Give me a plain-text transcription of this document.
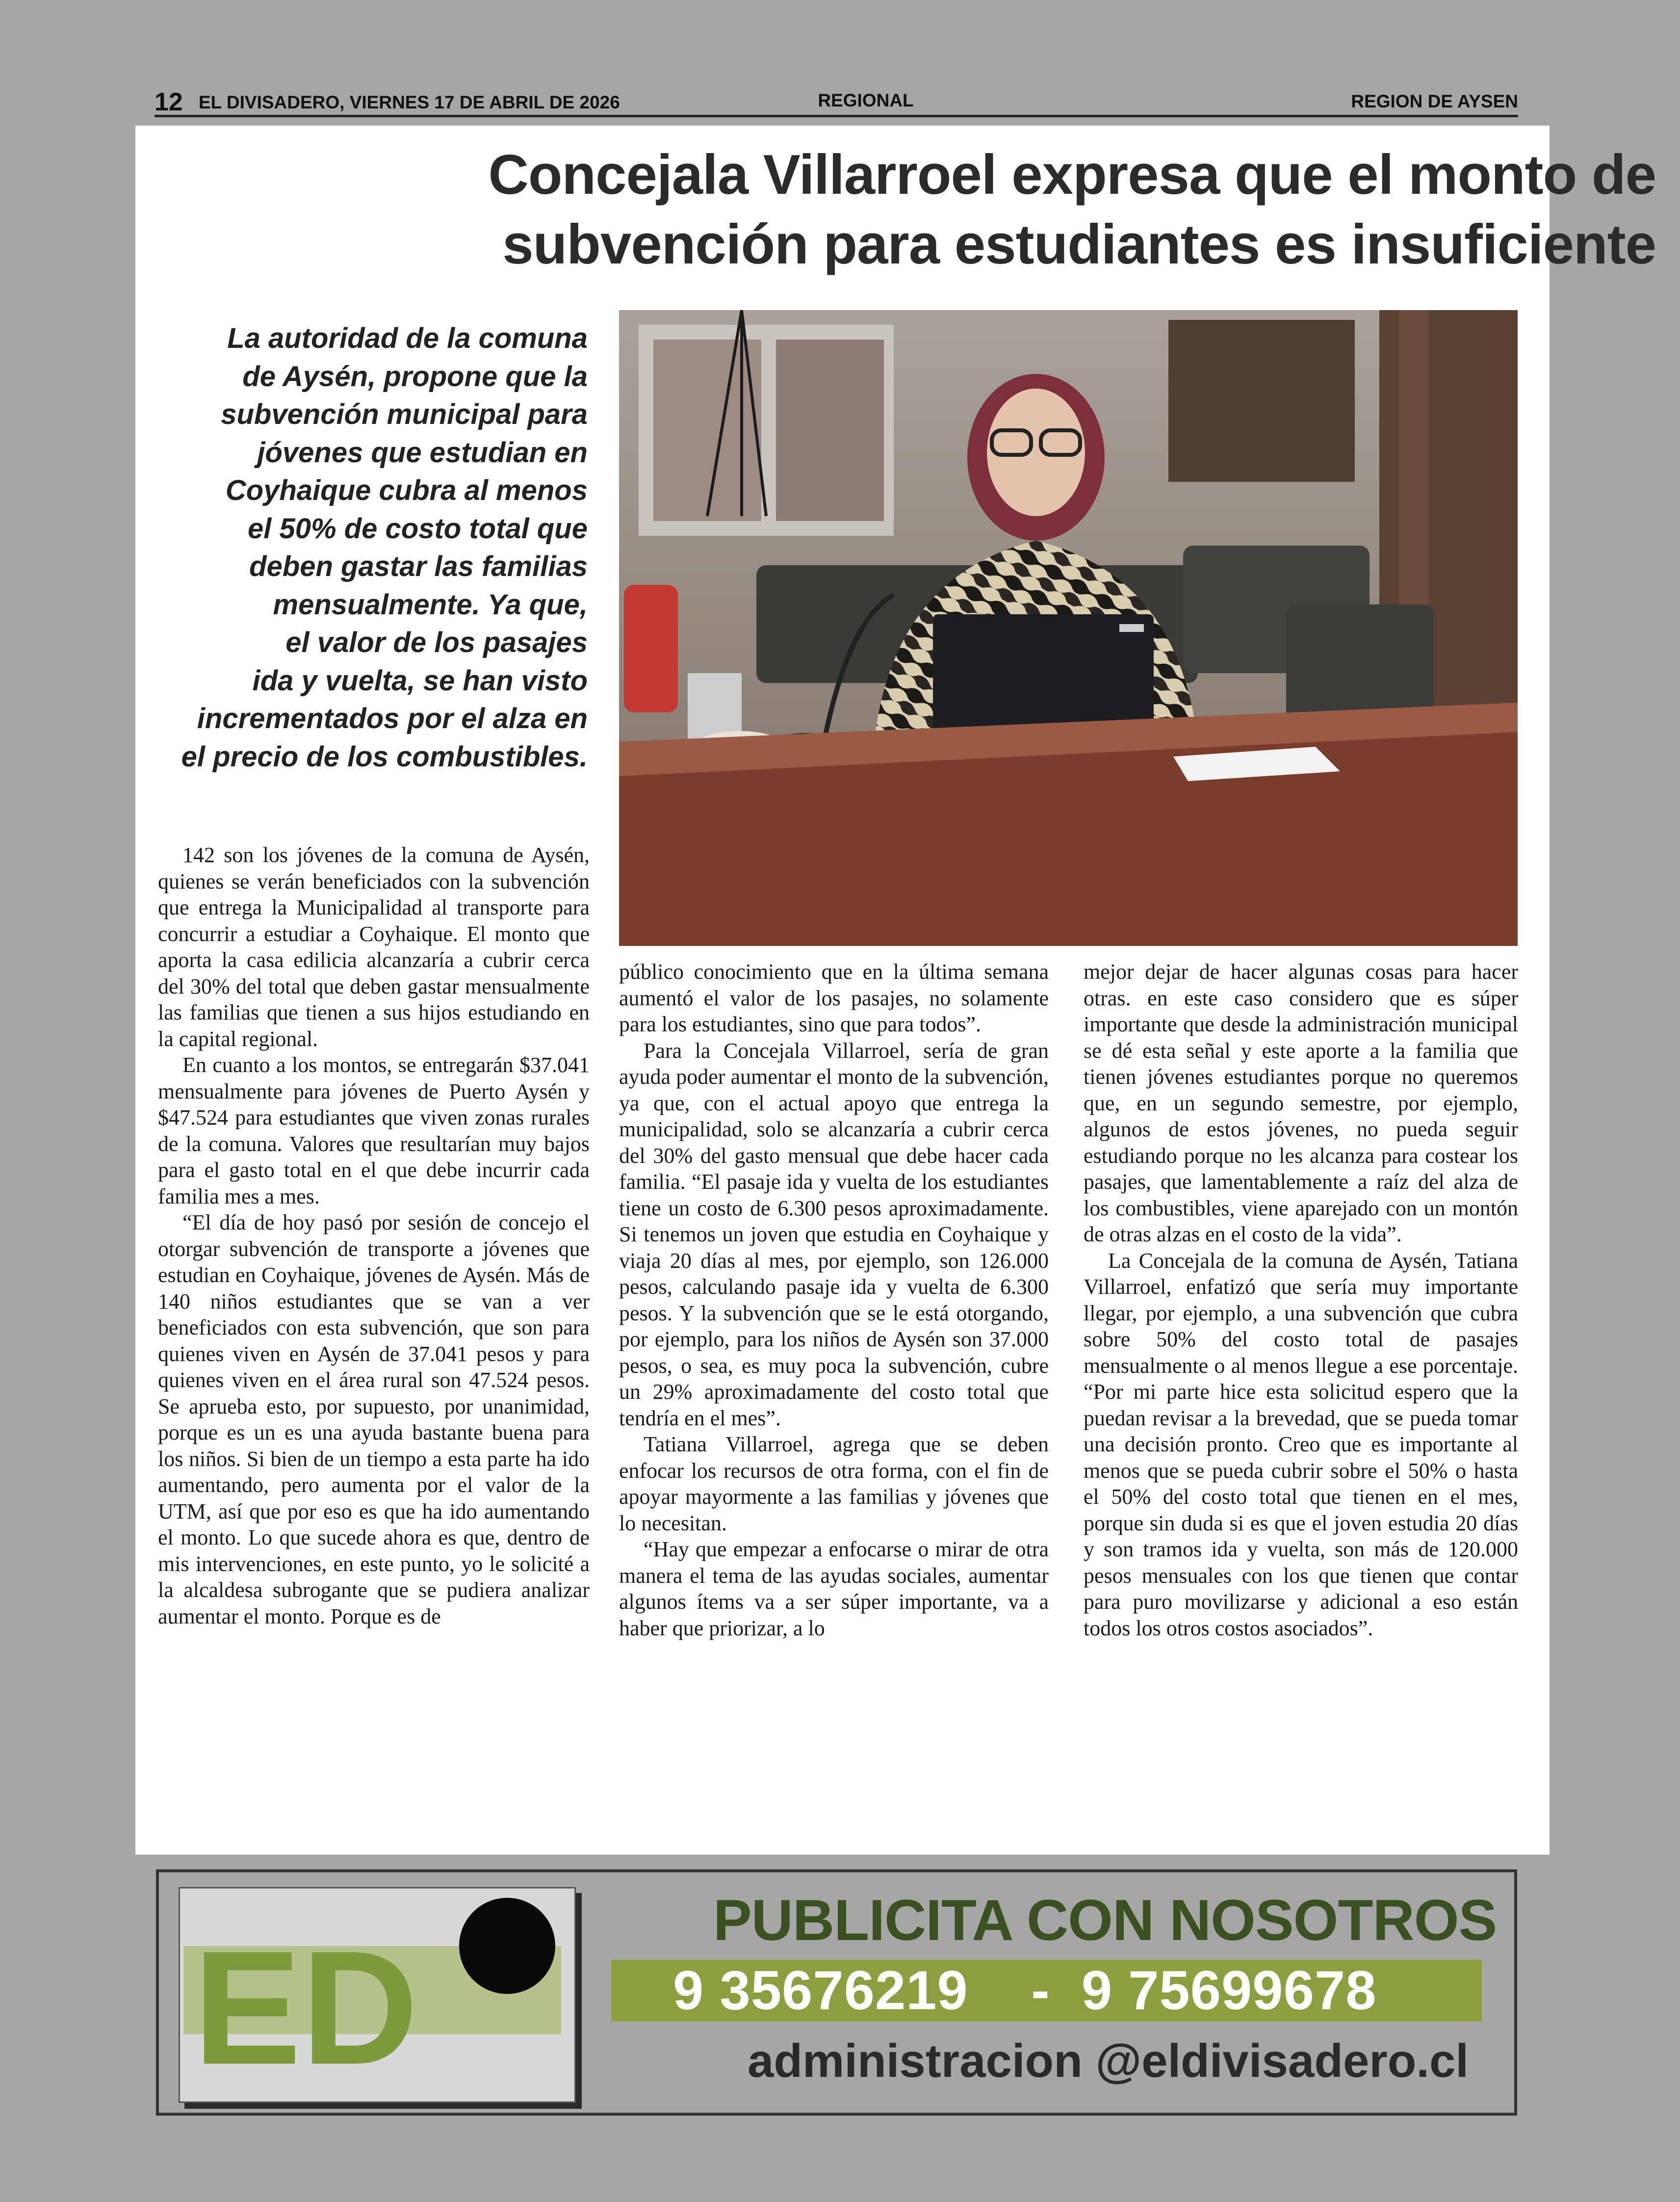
12 EL DIVISADERO, VIERNES 17 DE ABRIL DE 2026	REGIONAL	REGION DE AYSEN
Concejala Villarroel expresa que el monto de
subvención para estudiantes es insuficiente
La autoridad de la comuna
de Aysén, propone que la
subvención municipal para
jóvenes que estudian en
Coyhaique cubra al menos
el 50% de costo total que
deben gastar las familias
mensualmente. Ya que,
el valor de los pasajes
ida y vuelta, se han visto
incrementados por el alza en
el precio de los combustibles.

142 son los jóvenes de la comuna de Aysén, quienes se verán beneficiados con la subvención que entrega la Municipalidad al transporte para concurrir a estudiar a Coyhaique. El monto que aporta la casa edilicia alcanzaría a cubrir cerca del 30% del total que deben gastar mensualmente las familias que tienen a sus hijos estudiando en la capital regional.

En cuanto a los montos, se entregarán $37.041 mensualmente para jóvenes de Puerto Aysén y $47.524 para estudiantes que viven zonas rurales de la comuna. Valores que resultarían muy bajos para el gasto total en el que debe incurrir cada familia mes a mes.

“El día de hoy pasó por sesión de concejo el otorgar subvención de transporte a jóvenes que estudian en Coyhaique, jóvenes de Aysén. Más de 140 niños estudiantes que se van a ver beneficiados con esta subvención, que son para quienes viven en Aysén de 37.041 pesos y para quienes viven en el área rural son 47.524 pesos. Se aprueba esto, por supuesto, por unanimidad, porque es un es una ayuda bastante buena para los niños. Si bien de un tiempo a esta parte ha ido aumentando, pero aumenta por el valor de la UTM, así que por eso es que ha ido aumentando el monto. Lo que sucede ahora es que, dentro de mis intervenciones, en este punto, yo le solicité a la alcaldesa subrogante que se pudiera analizar aumentar el monto. Porque es de

público conocimiento que en la última semana aumentó el valor de los pasajes, no solamente para los estudiantes, sino que para todos”.

Para la Concejala Villarroel, sería de gran ayuda poder aumentar el monto de la subvención, ya que, con el actual apoyo que entrega la municipalidad, solo se alcanzaría a cubrir cerca del 30% del gasto mensual que debe hacer cada familia. “El pasaje ida y vuelta de los estudiantes tiene un costo de 6.300 pesos aproximadamente. Si tenemos un joven que estudia en Coyhaique y viaja 20 días al mes, por ejemplo, son 126.000 pesos, calculando pasaje ida y vuelta de 6.300 pesos. Y la subvención que se le está otorgando, por ejemplo, para los niños de Aysén son 37.000 pesos, o sea, es muy poca la subvención, cubre un 29% aproximadamente del costo total que tendría en el mes”.

Tatiana Villarroel, agrega que se deben enfocar los recursos de otra forma, con el fin de apoyar mayormente a las familias y jóvenes que lo necesitan.

“Hay que empezar a enfocarse o mirar de otra manera el tema de las ayudas sociales, aumentar algunos ítems va a ser súper importante, va a haber que priorizar, a lo

mejor dejar de hacer algunas cosas para hacer otras. en este caso considero que es súper importante que desde la administración municipal se dé esta señal y este aporte a la familia que tienen jóvenes estudiantes porque no queremos que, en un segundo semestre, por ejemplo, algunos de estos jóvenes, no pueda seguir estudiando porque no les alcanza para costear los pasajes, que lamentablemente a raíz del alza de los combustibles, viene aparejado con un montón de otras alzas en el costo de la vida”.

La Concejala de la comuna de Aysén, Tatiana Villarroel, enfatizó que sería muy importante llegar, por ejemplo, a una subvención que cubra sobre 50% del costo total de pasajes mensualmente o al menos llegue a ese porcentaje. “Por mi parte hice esta solicitud espero que la puedan revisar a la brevedad, que se pueda tomar una decisión pronto. Creo que es importante al menos que se pueda cubrir sobre el 50% o hasta el 50% del costo total que tienen en el mes, porque sin duda si es que el joven estudia 20 días y son tramos ida y vuelta, son más de 120.000 pesos mensuales con los que tienen que contar para puro movilizarse y adicional a eso están todos los otros costos asociados”.

ED	PUBLICITA CON NOSOTROS
9 35676219    -  9 75699678
administracion @eldivisadero.cl
